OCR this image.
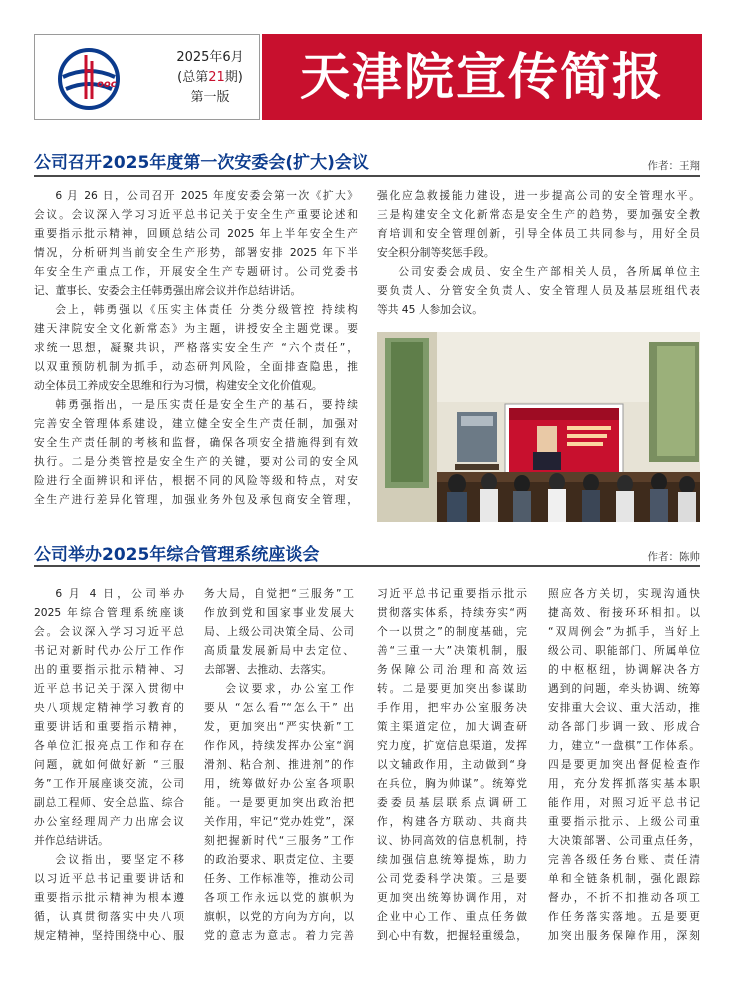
ooc
2025年6月
(总第21期)
第一版	天津院宣传简报
公司召开2025年度第一次安委会(扩大)会议	作者：王翔
6 月 26 日，公司召开 2025 年度安委会第一次《扩大》
会议。会议深入学习习近平总书记关于安全生产重要论述和
重要指示批示精神，回顾总结公司 2025 年上半年安全生产
情况，分析研判当前安全生产形势，部署安排 2025 年下半
年安全生产重点工作，开展安全生产专题研讨。公司党委书
记、董事长、安委会主任韩勇强出席会议并作总结讲话。
会上，韩勇强以《压实主体责任 分类分级管控 持续构
建天津院安全文化新常态》为主题，讲授安全主题党课。要
求统一思想，凝聚共识，严格落实安全生产 “六个责任”，
以双重预防机制为抓手，动态研判风险，全面排查隐患，推
动全体员工养成安全思维和行为习惯，构建安全文化价值观。
韩勇强指出，一是压实责任是安全生产的基石，要持续
完善安全管理体系建设，建立健全安全生产责任制，加强对
安全生产责任制的考核和监督，确保各项安全措施得到有效
执行。二是分类管控是安全生产的关键，要对公司的安全风
险进行全面辨识和评估，根据不同的风险等级和特点，对安
全生产进行差异化管理，加强业务外包及承包商安全管理，
强化应急救援能力建设，进一步提高公司的安全管理水平。
三是构建安全文化新常态是安全生产的趋势，要加强安全教
育培训和安全管理创新，引导全体员工共同参与，用好全员
安全积分制等奖惩手段。
公司安委会成员、安全生产部相关人员，各所属单位主
要负责人、分管安全负责人、安全管理人员及基层班组代表
等共 45 人参加会议。
公司举办2025年综合管理系统座谈会	作者：陈帅
6 月 4 日，公司举办
2025 年综合管理系统座谈
会。会议深入学习习近平总
书记对新时代办公厅工作作
出的重要指示批示精神、习
近平总书记关于深入贯彻中
央八项规定精神学习教育的
重要讲话和重要指示精神，
各单位汇报亮点工作和存在
问题，就如何做好新 “三服
务”工作开展座谈交流，公司
副总工程师、安全总监、综合
办公室经理周产力出席会议
并作总结讲话。
会议指出，要坚定不移
以习近平总书记重要讲话和
重要指示批示精神为根本遵
循，认真贯彻落实中央八项
规定精神，坚持围绕中心、服
务大局，自觉把“三服务”工
作放到党和国家事业发展大
局、上级公司决策全局、公司
高质量发展新局中去定位、
去部署、去推动、去落实。
会议要求，办公室工作
要从 “怎么看”“怎么干” 出
发，更加突出“严实快新”工
作作风，持续发挥办公室“润
滑剂、粘合剂、推进剂”的作
用，统筹做好办公室各项职
能。一是要更加突出政治把
关作用，牢记“党办姓党”，深
刻把握新时代“三服务”工作
的政治要求、职责定位、主要
任务、工作标准等，推动公司
各项工作永远以党的旗帜为
旗帜，以党的方向为方向，以
党的意志为意志。着力完善
习近平总书记重要指示批示
贯彻落实体系，持续夯实“两
个一以贯之”的制度基础，完
善“三重一大”决策机制，服
务保障公司治理和高效运
转。二是要更加突出参谋助
手作用，把牢办公室服务决
策主渠道定位，加大调查研
究力度，扩宽信息渠道，发挥
以文辅政作用，主动做到“身
在兵位，胸为帅谋”。统筹党
委委员基层联系点调研工
作，构建各方联动、共商共
议、协同高效的信息机制，持
续加强信息统筹提炼，助力
公司党委科学决策。三是要
更加突出统筹协调作用，对
企业中心工作、重点任务做
到心中有数，把握轻重缓急，
照应各方关切，实现沟通快
捷高效、衔接环环相扣。以
“双周例会”为抓手，当好上
级公司、职能部门、所属单位
的中枢枢纽，协调解决各方
遇到的问题，牵头协调、统筹
安排重大会议、重大活动，推
动各部门步调一致、形成合
力，建立“一盘棋”工作体系。
四是要更加突出督促检查作
用，充分发挥抓落实基本职
能作用，对照习近平总书记
重要指示批示、上级公司重
大决策部署、公司重点任务，
完善各级任务台账、责任清
单和全链条机制，强化跟踪
督办，不折不扣推动各项工
作任务落实落地。五是要更
加突出服务保障作用，深刻
